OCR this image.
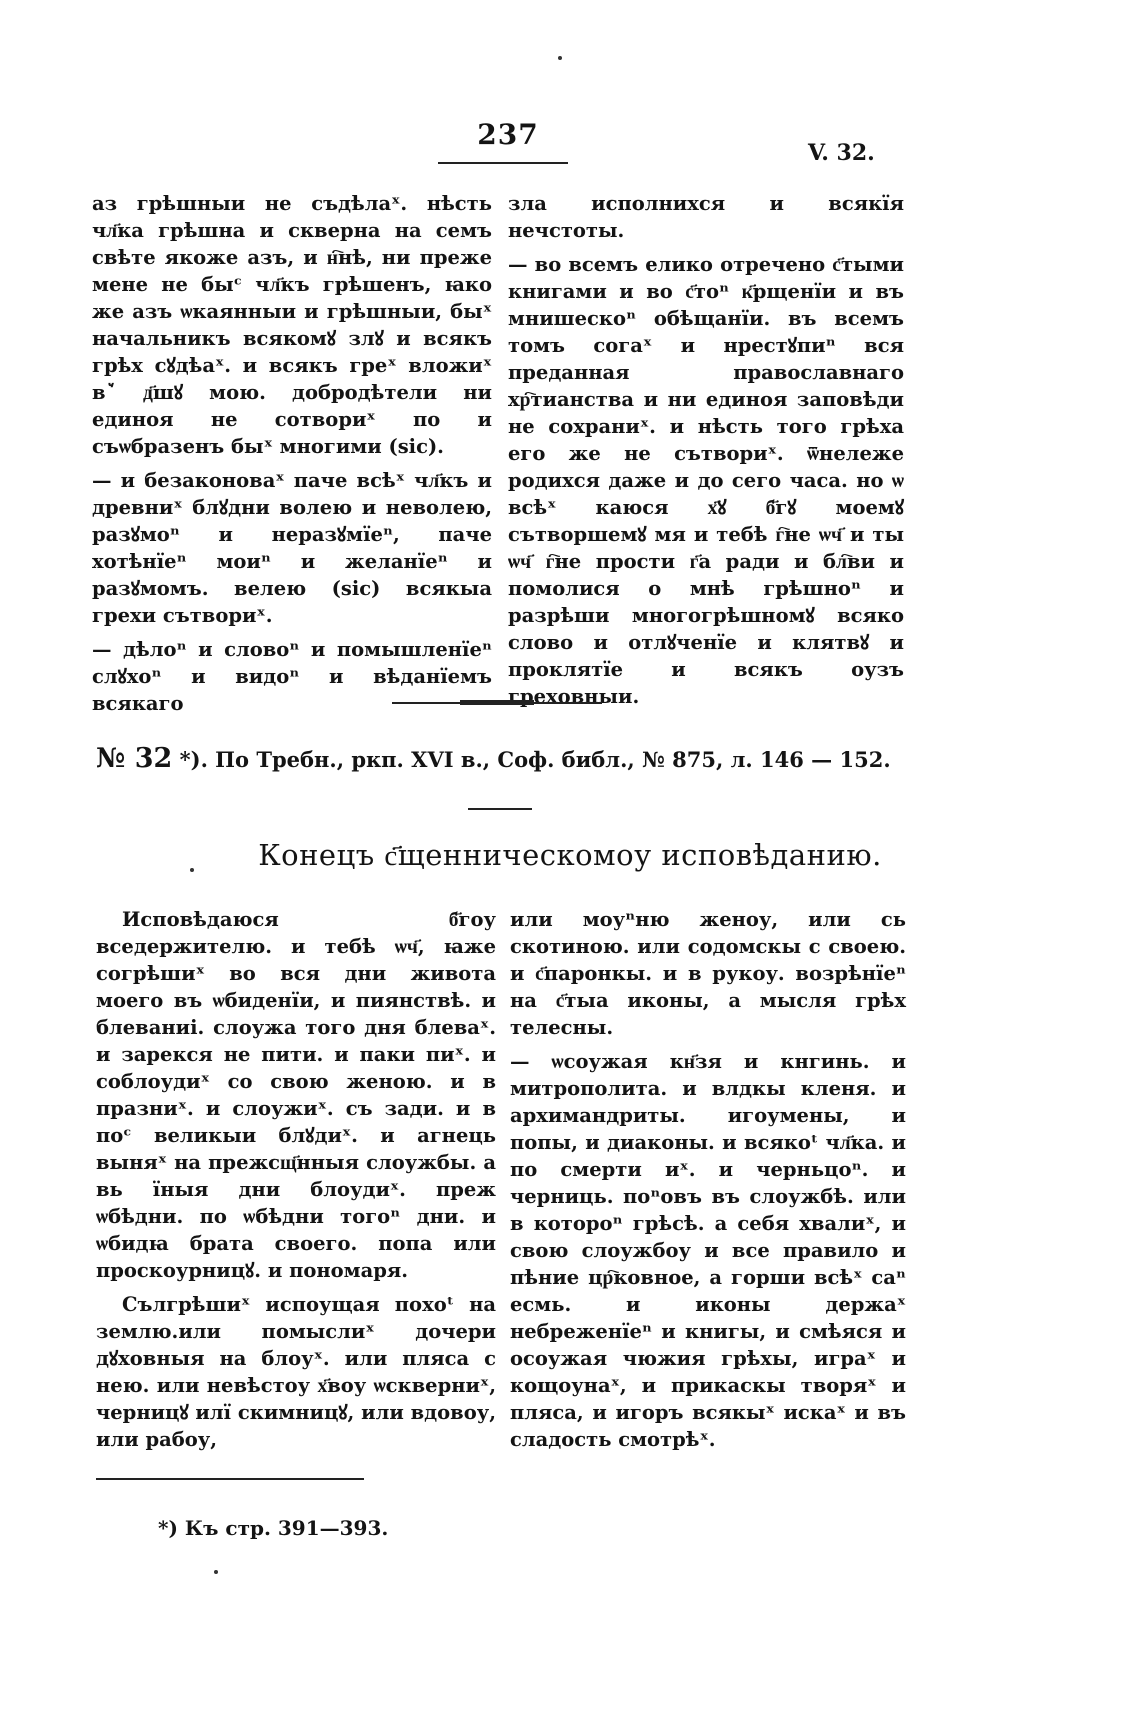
237
V. 32.

аз грѣшныи не съдѣлаˣ. нѣсть чл҃ка грѣшна и скверна на семъ свѣте якоже азъ, и н҇нѣ, ни преже мене не быᶜ чл҃къ грѣшенъ, ꙗко же азъ ѡкаянныи и грѣшныи, быˣ начальникъ всякомꙋ злꙋ и всякъ грѣх сꙋдѣаˣ. и всякъ греˣ вложиˣ вꙿ д҃шꙋ мою. добродѣтели ни единоя не сотвориˣ по и съѡбразенъ быˣ многими (sic).

— и безаконоваˣ паче всѣˣ чл҃къ и древниˣ блꙋдни волею и неволею, разꙋмоⁿ и неразꙋмїеⁿ, паче хотѣнїеⁿ моиⁿ и желанїеⁿ и разꙋмомъ. велею (sic) всякыа грехи сътвориˣ.

— дѣлоⁿ и словоⁿ и помышленїеⁿ слꙋхоⁿ и видоⁿ и вѣданїемъ всякаго

зла исполнихся и всякїя нечстоты.

— во всемъ елико отречено с҃тыми книгами и во с҃тоⁿ к҃рщенїи и въ мнишескоⁿ обѣщанїи. въ всемъ томъ согаˣ и нрестꙋпиⁿ вся преданная православнаго хр҇тианства и ни единоя заповѣди не сохраниˣ. и нѣсть того грѣха его же не сътвориˣ. ѿнележе родихся даже и до сего часа. но ѡ всѣˣ каюся х҃ꙋ б҃гꙋ моемꙋ сътворшемꙋ мя и тебѣ г҇не ѡч҃ и ты ѡч҃ г҇не прости г҃а ради и бл҇ви и помолися о мнѣ грѣшноⁿ и разрѣши многогрѣшномꙋ всяко слово и отлꙋченїе и клятвꙋ и проклятїе и всякъ оузъ греховныи.

№ 32 *). По Требн., ркп. XVI в., Соф. библ., № 875, л. 146 — 152.
Конецъ с҃щенническомоу исповѣданию.

Исповѣдаюся б҃гоу вседержителю. и тебѣ ѡч҃, ꙗже согрѣшиˣ во вся дни живота моего въ ѡбиденїи, и пиянствѣ. и блеваниi. слоужа того дня блеваˣ. и зарекся не пити. и паки пиˣ. и соблоудиˣ со свою женою. и в празниˣ. и слоужиˣ. съ зади. и в поᶜ великыи блꙋдиˣ. и агнець выняˣ на прежсщ҃нныя слоужбы. а вь їныя дни блоудиˣ. преж ѡбѣдни. по ѡбѣдни тогоⁿ дни. и ѡбидꙗ брата своего. попа или проскоурницꙋ. и пономаря.

Сългрѣшиˣ испоущая похоᵗ на землю.или помыслиˣ дочери дꙋховныя на блоуˣ. или пляса с нею. или невѣстоу х҃воу ѡскверниˣ, черницꙋ илї скимницꙋ, или вдовоу, или рабоу,

или моуⁿню женоу, или сь скотиною. или содомскы с своею. и с҃паронкы. и в рукоу. возрѣнїеⁿ на с҃тыа иконы, а мысля грѣх телесны.

— ѡсоужая кн҃зя и кнгинь. и митрополита. и влдкы кленя. и архимандриты. игоумены, и попы, и диаконы. и всякоᵗ чл҃ка. и по смерти иˣ. и черньцоⁿ. и черниць. поⁿовъ въ слоужбѣ. или в котороⁿ грѣсѣ. а себя хвалиˣ, и свою слоужбоу и все правило и пѣние цр҇ковное, а горши всѣˣ саⁿ есмь. и иконы держаˣ небреженїеⁿ и книгы, и смѣяся и осоужая чюжия грѣхы, играˣ и кощоунаˣ, и прикаскы творяˣ и пляса, и игоръ всякыˣ искаˣ и въ сладость смотрѣˣ.

*) Къ стр. 391—393.
